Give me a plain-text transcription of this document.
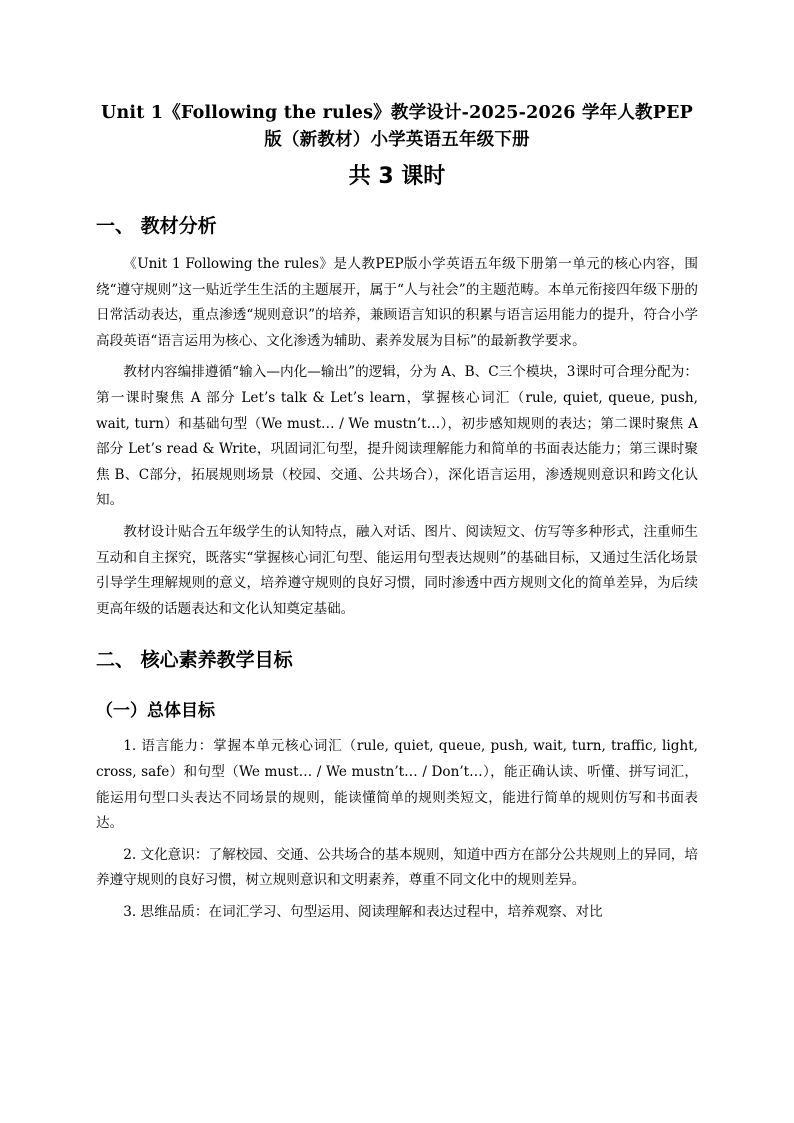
Unit 1《Following the rules》教学设计-2025-2026 学年人教PEP版（新教材）小学英语五年级下册

共 3 课时

一、 教材分析

《Unit 1 Following the rules》是人教PEP版小学英语五年级下册第一单元的核心内容，围绕“遵守规则”这一贴近学生生活的主题展开，属于“人与社会”的主题范畴。本单元衔接四年级下册的日常活动表达，重点渗透“规则意识”的培养，兼顾语言知识的积累与语言运用能力的提升，符合小学高段英语“语言运用为核心、文化渗透为辅助、素养发展为目标”的最新教学要求。

教材内容编排遵循“输入—内化—输出”的逻辑，分为 A、B、C三个模块，3课时可合理分配为：第一课时聚焦 A 部分 Let’s talk & Let’s learn，掌握核心词汇（rule, quiet, queue, push, wait, turn）和基础句型（We must… / We mustn’t…），初步感知规则的表达；第二课时聚焦 A 部分 Let’s read & Write，巩固词汇句型，提升阅读理解能力和简单的书面表达能力；第三课时聚焦 B、C部分，拓展规则场景（校园、交通、公共场合），深化语言运用，渗透规则意识和跨文化认知。

教材设计贴合五年级学生的认知特点，融入对话、图片、阅读短文、仿写等多种形式，注重师生互动和自主探究，既落实“掌握核心词汇句型、能运用句型表达规则”的基础目标，又通过生活化场景引导学生理解规则的意义，培养遵守规则的良好习惯，同时渗透中西方规则文化的简单差异，为后续更高年级的话题表达和文化认知奠定基础。

二、 核心素养教学目标

（一）总体目标

1. 语言能力：掌握本单元核心词汇（rule, quiet, queue, push, wait, turn, traffic, light, cross, safe）和句型（We must… / We mustn’t… / Don’t…），能正确认读、听懂、拼写词汇，能运用句型口头表达不同场景的规则，能读懂简单的规则类短文，能进行简单的规则仿写和书面表达。

2. 文化意识：了解校园、交通、公共场合的基本规则，知道中西方在部分公共规则上的异同，培养遵守规则的良好习惯，树立规则意识和文明素养，尊重不同文化中的规则差异。

3. 思维品质：在词汇学习、句型运用、阅读理解和表达过程中，培养观察、对比
